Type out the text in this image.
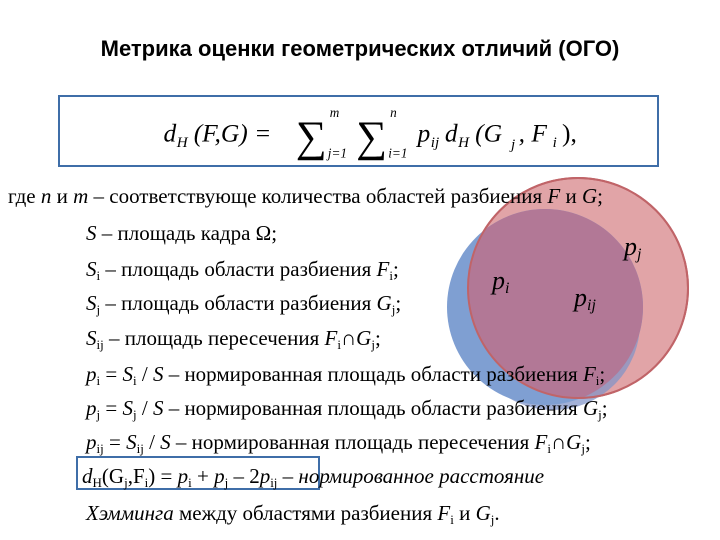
Метрика оценки геометрических отличий (ОГО)
d H (F,G) = ∑
m
j=1 ∑
n
i=1
p ij d H (G j , F i ),
$p_j$
$p_i$ $p_{ij}$
где n и m – соответствующе количества областей разбиения F и G;
S – площадь кадра Ω;
$S_i$ – площадь области разбиения $F_i$;
$S_j$ – площадь области разбиения $G_j$;
$S_{ij}$ – площадь пересечения $F_i\cap G_j$;
$p_i = S_i / S$ – нормированная площадь области разбиения $F_i$;
$p_j = S_j / S$ – нормированная площадь области разбиения $G_j$;
$p_{ij} = S_{ij} / S$ – нормированная площадь пересечения $F_i\cap G_j$;
$d_H(G_j,F_i) = p_i + p_j - 2p_{ij}$ – нормированное расстояние
Хэмминга между областями разбиения $F_i$ и $G_j$.
